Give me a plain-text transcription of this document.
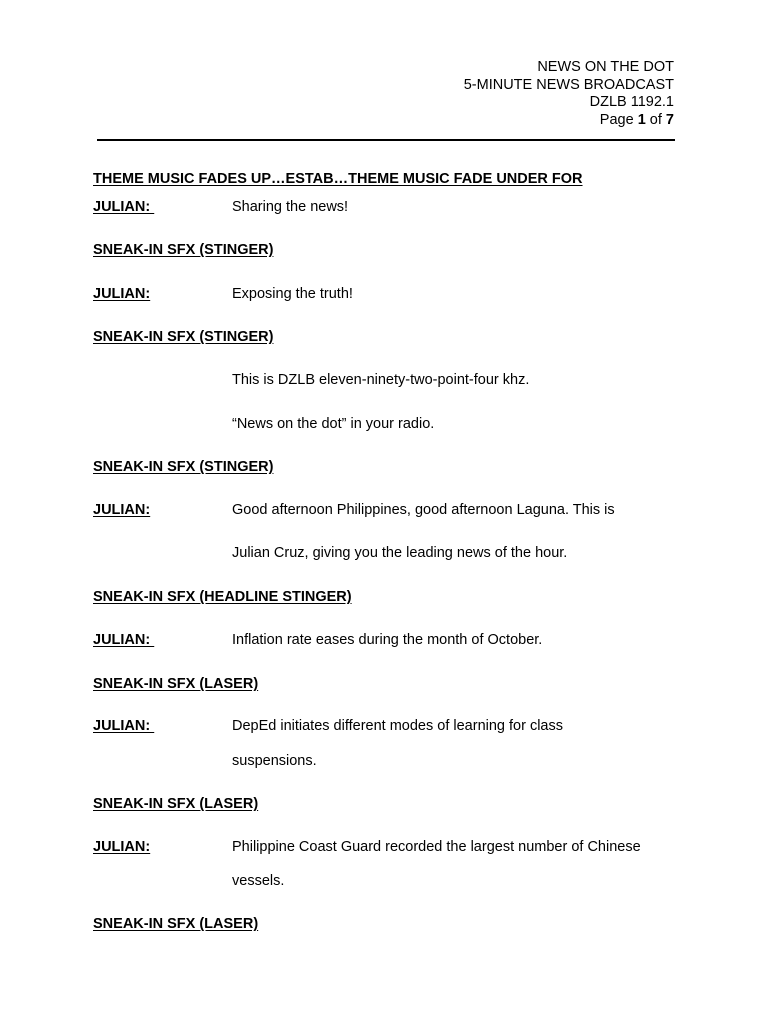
NEWS ON THE DOT
5-MINUTE NEWS BROADCAST
DZLB 1192.1
Page 1 of 7
THEME MUSIC FADES UP…ESTAB…THEME MUSIC FADE UNDER FOR
JULIAN:	Sharing the news!
SNEAK-IN SFX (STINGER)
JULIAN:	Exposing the truth!
SNEAK-IN SFX (STINGER)
This is DZLB eleven-ninety-two-point-four khz.
“News on the dot” in your radio.
SNEAK-IN SFX (STINGER)
JULIAN:	Good afternoon Philippines, good afternoon Laguna. This is
Julian Cruz, giving you the leading news of the hour.
SNEAK-IN SFX (HEADLINE STINGER)
JULIAN:	Inflation rate eases during the month of October.
SNEAK-IN SFX (LASER)
JULIAN:	DepEd initiates different modes of learning for class
suspensions.
SNEAK-IN SFX (LASER)
JULIAN:	Philippine Coast Guard recorded the largest number of Chinese
vessels.
SNEAK-IN SFX (LASER)
